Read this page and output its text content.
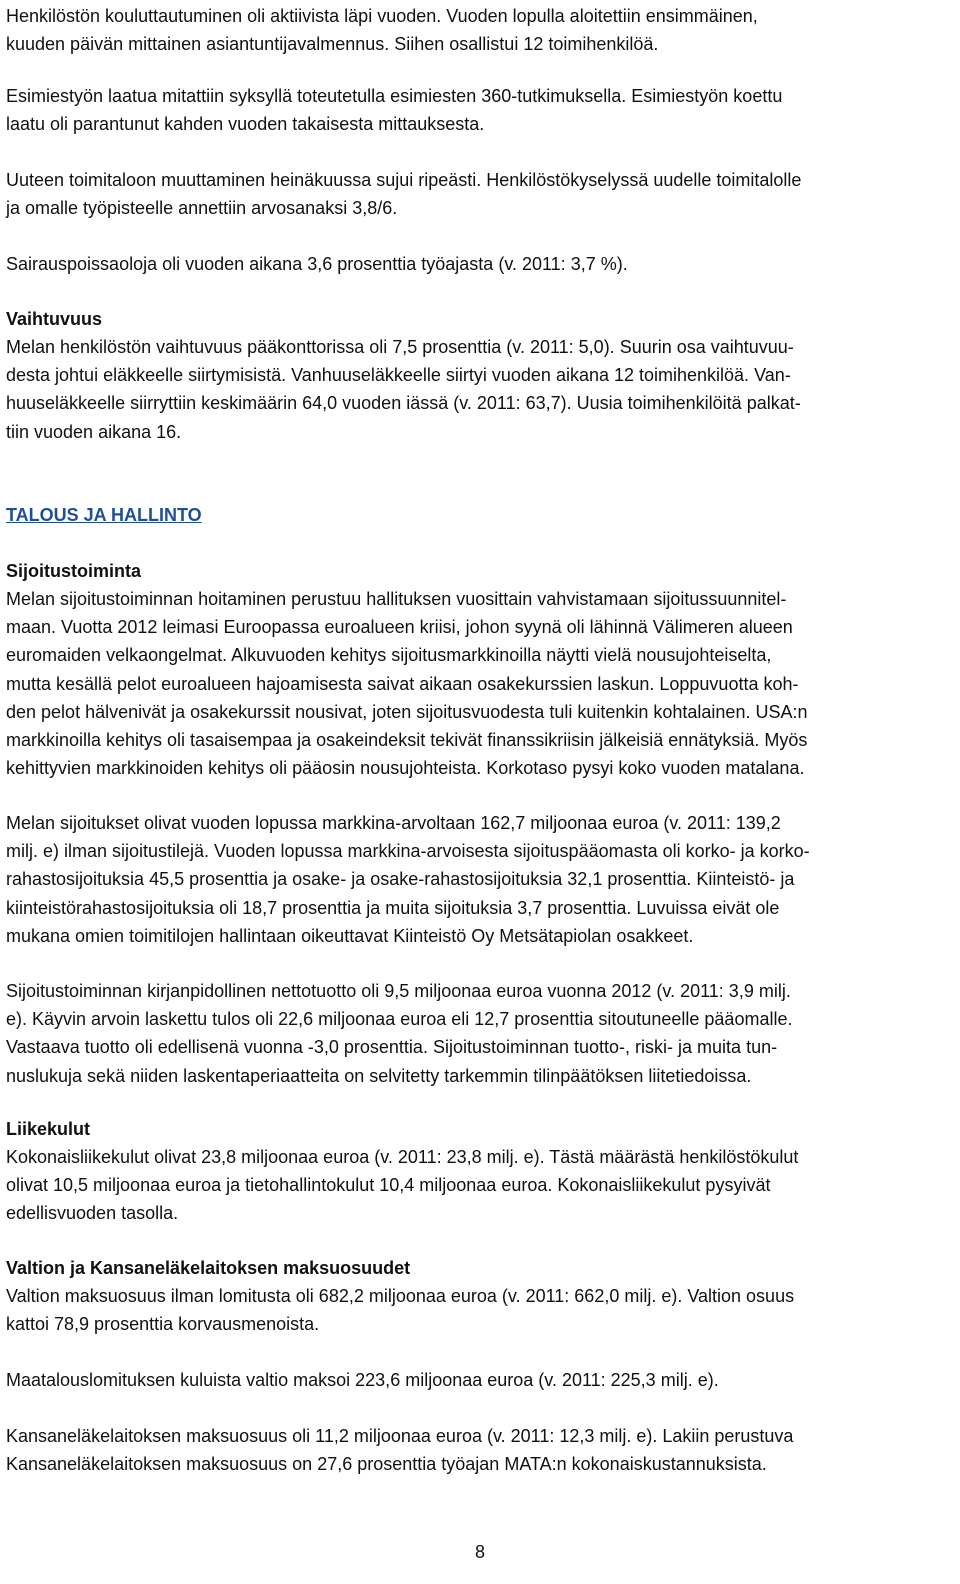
Henkilöstön kouluttautuminen oli aktiivista läpi vuoden. Vuoden lopulla aloitettiin ensimmäinen,
kuuden päivän mittainen asiantuntijavalmennus. Siihen osallistui 12 toimihenkilöä.

Esimiestyön laatua mitattiin syksyllä toteutetulla esimiesten 360-tutkimuksella. Esimiestyön koettu
laatu oli parantunut kahden vuoden takaisesta mittauksesta.

Uuteen toimitaloon muuttaminen heinäkuussa sujui ripeästi. Henkilöstökyselyssä uudelle toimitalolle
ja omalle työpisteelle annettiin arvosanaksi 3,8/6.

Sairauspoissaoloja oli vuoden aikana 3,6 prosenttia työajasta (v. 2011: 3,7 %).

Vaihtuvuus

Melan henkilöstön vaihtuvuus pääkonttorissa oli 7,5 prosenttia (v. 2011: 5,0). Suurin osa vaihtuvuu-
desta johtui eläkkeelle siirtymisistä. Vanhuuseläkkeelle siirtyi vuoden aikana 12 toimihenkilöä. Van-
huuseläkkeelle siirryttiin keskimäärin 64,0 vuoden iässä (v. 2011: 63,7). Uusia toimihenkilöitä palkat-
tiin vuoden aikana 16.

TALOUS JA HALLINTO

Sijoitustoiminta

Melan sijoitustoiminnan hoitaminen perustuu hallituksen vuosittain vahvistamaan sijoitussuunnitel-
maan. Vuotta 2012 leimasi Euroopassa euroalueen kriisi, johon syynä oli lähinnä Välimeren alueen
euromaiden velkaongelmat. Alkuvuoden kehitys sijoitusmarkkinoilla näytti vielä nousujohteiselta,
mutta kesällä pelot euroalueen hajoamisesta saivat aikaan osakekurssien laskun. Loppuvuotta koh-
den pelot hälvenivät ja osakekurssit nousivat, joten sijoitusvuodesta tuli kuitenkin kohtalainen. USA:n
markkinoilla kehitys oli tasaisempaa ja osakeindeksit tekivät finanssikriisin jälkeisiä ennätyksiä. Myös
kehittyvien markkinoiden kehitys oli pääosin nousujohteista. Korkotaso pysyi koko vuoden matalana.

Melan sijoitukset olivat vuoden lopussa markkina-arvoltaan 162,7 miljoonaa euroa (v. 2011: 139,2
milj. e) ilman sijoitustilejä. Vuoden lopussa markkina-arvoisesta sijoituspääomasta oli korko- ja korko-
rahastosijoituksia 45,5 prosenttia ja osake- ja osake-rahastosijoituksia 32,1 prosenttia. Kiinteistö- ja
kiinteistörahastosijoituksia oli 18,7 prosenttia ja muita sijoituksia 3,7 prosenttia. Luvuissa eivät ole
mukana omien toimitilojen hallintaan oikeuttavat Kiinteistö Oy Metsätapiolan osakkeet.

Sijoitustoiminnan kirjanpidollinen nettotuotto oli 9,5 miljoonaa euroa vuonna 2012 (v. 2011: 3,9 milj.
e). Käyvin arvoin laskettu tulos oli 22,6 miljoonaa euroa eli 12,7 prosenttia sitoutuneelle pääomalle.
Vastaava tuotto oli edellisenä vuonna -3,0 prosenttia. Sijoitustoiminnan tuotto-, riski- ja muita tun-
nuslukuja sekä niiden laskentaperiaatteita on selvitetty tarkemmin tilinpäätöksen liitetiedoissa.

Liikekulut

Kokonaisliikekulut olivat 23,8 miljoonaa euroa (v. 2011: 23,8 milj. e). Tästä määrästä henkilöstökulut
olivat 10,5 miljoonaa euroa ja tietohallintokulut 10,4 miljoonaa euroa. Kokonaisliikekulut pysyivät
edellisvuoden tasolla.

Valtion ja Kansaneläkelaitoksen maksuosuudet

Valtion maksuosuus ilman lomitusta oli 682,2 miljoonaa euroa (v. 2011: 662,0 milj. e). Valtion osuus
kattoi 78,9 prosenttia korvausmenoista.

Maatalouslomituksen kuluista valtio maksoi 223,6 miljoonaa euroa (v. 2011: 225,3 milj. e).

Kansaneläkelaitoksen maksuosuus oli 11,2 miljoonaa euroa (v. 2011: 12,3 milj. e). Lakiin perustuva
Kansaneläkelaitoksen maksuosuus on 27,6 prosenttia työajan MATA:n kokonaiskustannuksista.

8
